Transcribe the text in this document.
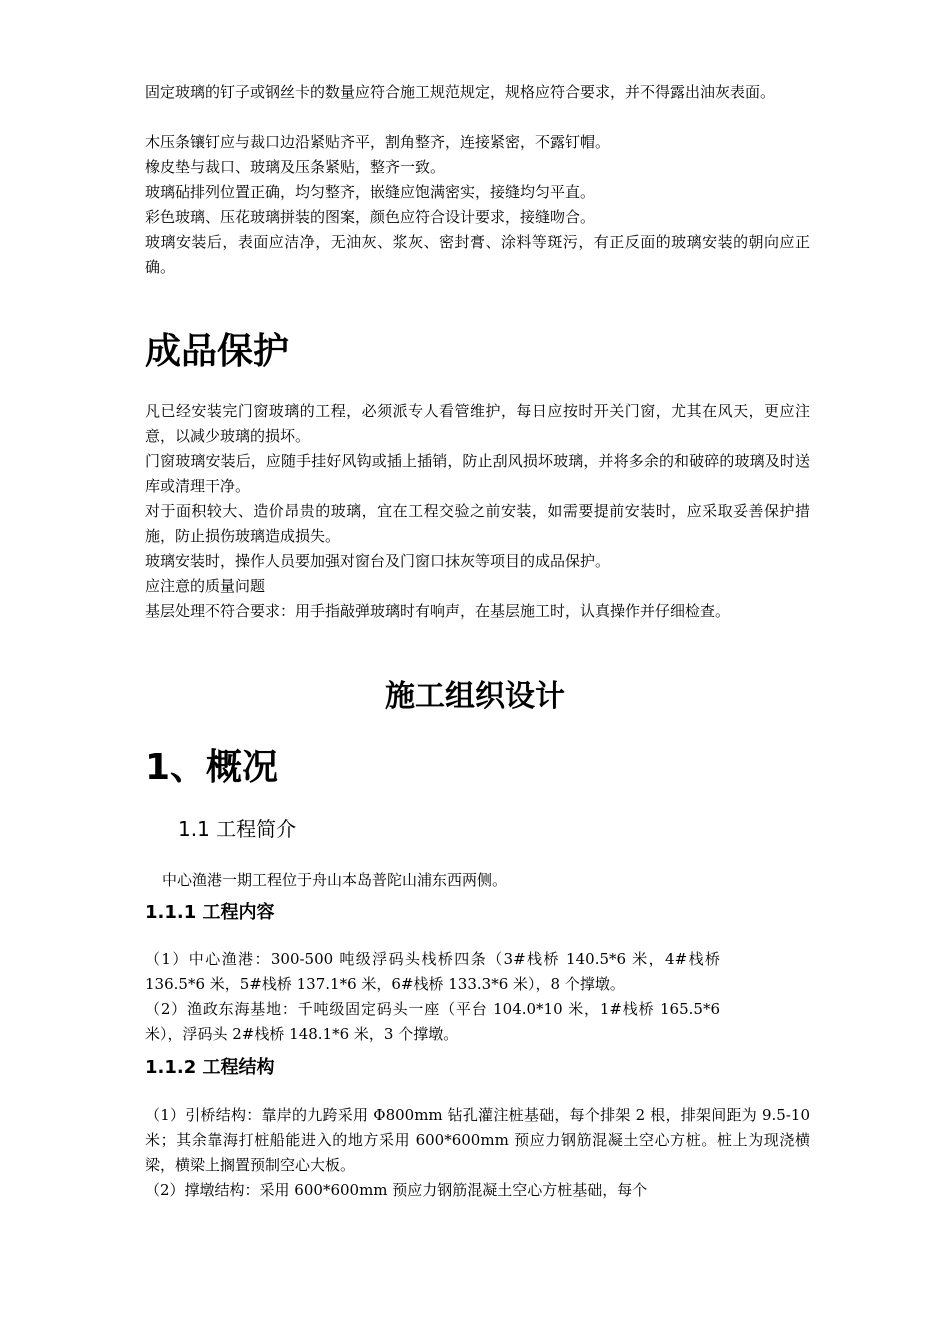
固定玻璃的钉子或钢丝卡的数量应符合施工规范规定，规格应符合要求，并不得露出油灰表面。

木压条镶钉应与裁口边沿紧贴齐平，割角整齐，连接紧密，不露钉帽。

橡皮垫与裁口、玻璃及压条紧贴，整齐一致。

玻璃砧排列位置正确，均匀整齐，嵌缝应饱满密实，接缝均匀平直。

彩色玻璃、压花玻璃拼装的图案，颜色应符合设计要求，接缝吻合。

玻璃安装后，表面应洁净，无油灰、浆灰、密封膏、涂料等斑污，有正反面的玻璃安装的朝向应正确。

成品保护

凡已经安装完门窗玻璃的工程，必须派专人看管维护，每日应按时开关门窗，尤其在风天，更应注意，以减少玻璃的损坏。

门窗玻璃安装后，应随手挂好风钩或插上插销，防止刮风损坏玻璃，并将多余的和破碎的玻璃及时送库或清理干净。

对于面积较大、造价昂贵的玻璃，宜在工程交验之前安装，如需要提前安装时，应采取妥善保护措施，防止损伤玻璃造成损失。

玻璃安装时，操作人员要加强对窗台及门窗口抹灰等项目的成品保护。

应注意的质量问题

基层处理不符合要求：用手指敲弹玻璃时有响声，在基层施工时，认真操作并仔细检查。

施工组织设计
1、概况
1.1 工程简介

中心渔港一期工程位于舟山本岛普陀山浦东西两侧。

1.1.1 工程内容

（1）中心渔港：300-500 吨级浮码头栈桥四条（3#栈桥 140.5*6 米，4#栈桥 136.5*6 米，5#栈桥 137.1*6 米，6#栈桥 133.3*6 米），8 个撑墩。

（2）渔政东海基地：千吨级固定码头一座（平台 104.0*10 米，1#栈桥 165.5*6 米），浮码头 2#栈桥 148.1*6 米，3 个撑墩。

1.1.2 工程结构

（1）引桥结构：靠岸的九跨采用 Φ800mm 钻孔灌注桩基础，每个排架 2 根，排架间距为 9.5-10 米；其余靠海打桩船能进入的地方采用 600*600mm 预应力钢筋混凝土空心方桩。桩上为现浇横梁，横梁上搁置预制空心大板。

（2）撑墩结构：采用 600*600mm 预应力钢筋混凝土空心方桩基础，每个
